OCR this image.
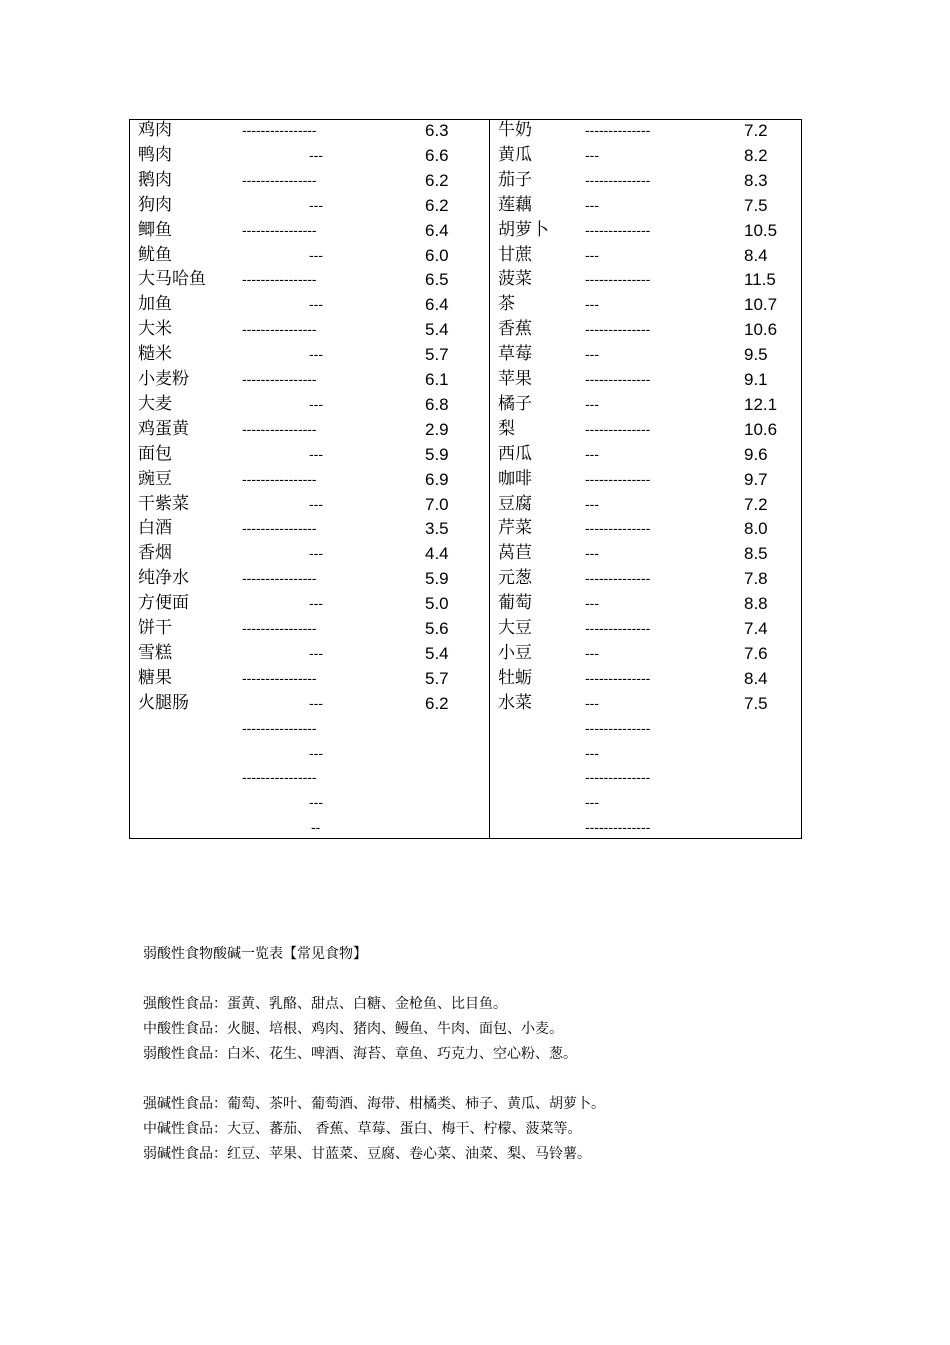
鸡肉	----------------	6.3
鸭肉	---	6.6
鹅肉	----------------	6.2
狗肉	---	6.2
鲫鱼	----------------	6.4
鱿鱼	---	6.0
大马哈鱼	----------------	6.5
加鱼	---	6.4
大米	----------------	5.4
糙米	---	5.7
小麦粉	----------------	6.1
大麦	---	6.8
鸡蛋黄	----------------	2.9
面包	---	5.9
豌豆	----------------	6.9
干紫菜	---	7.0
白酒	----------------	3.5
香烟	---	4.4
纯净水	----------------	5.9
方便面	---	5.0
饼干	----------------	5.6
雪糕	---	5.4
糖果	----------------	5.7
火腿肠	---	6.2
----------------
---
----------------
---
--
牛奶	--------------	7.2
黄瓜	---	8.2
茄子	--------------	8.3
莲藕	---	7.5
胡萝卜	--------------	10.5
甘蔗	---	8.4
菠菜	--------------	11.5
茶	---	10.7
香蕉	--------------	10.6
草莓	---	9.5
苹果	--------------	9.1
橘子	---	12.1
梨	--------------	10.6
西瓜	---	9.6
咖啡	--------------	9.7
豆腐	---	7.2
芹菜	--------------	8.0
莴苣	---	8.5
元葱	--------------	7.8
葡萄	---	8.8
大豆	--------------	7.4
小豆	---	7.6
牡蛎	--------------	8.4
水菜	---	7.5
--------------
---
--------------
---
--------------

弱酸性食物酸碱一览表【常见食物】

强酸性食品：蛋黄、乳酪、甜点、白糖、金枪鱼、比目鱼。

中酸性食品：火腿、培根、鸡肉、猪肉、鳗鱼、牛肉、面包、小麦。

弱酸性食品：白米、花生、啤酒、海苔、章鱼、巧克力、空心粉、葱。

强碱性食品：葡萄、茶叶、葡萄酒、海带、柑橘类、柿子、黄瓜、胡萝卜。

中碱性食品：大豆、蕃茄、 香蕉、草莓、蛋白、梅干、柠檬、菠菜等。

弱碱性食品：红豆、苹果、甘蓝菜、豆腐、卷心菜、油菜、梨、马铃薯。
